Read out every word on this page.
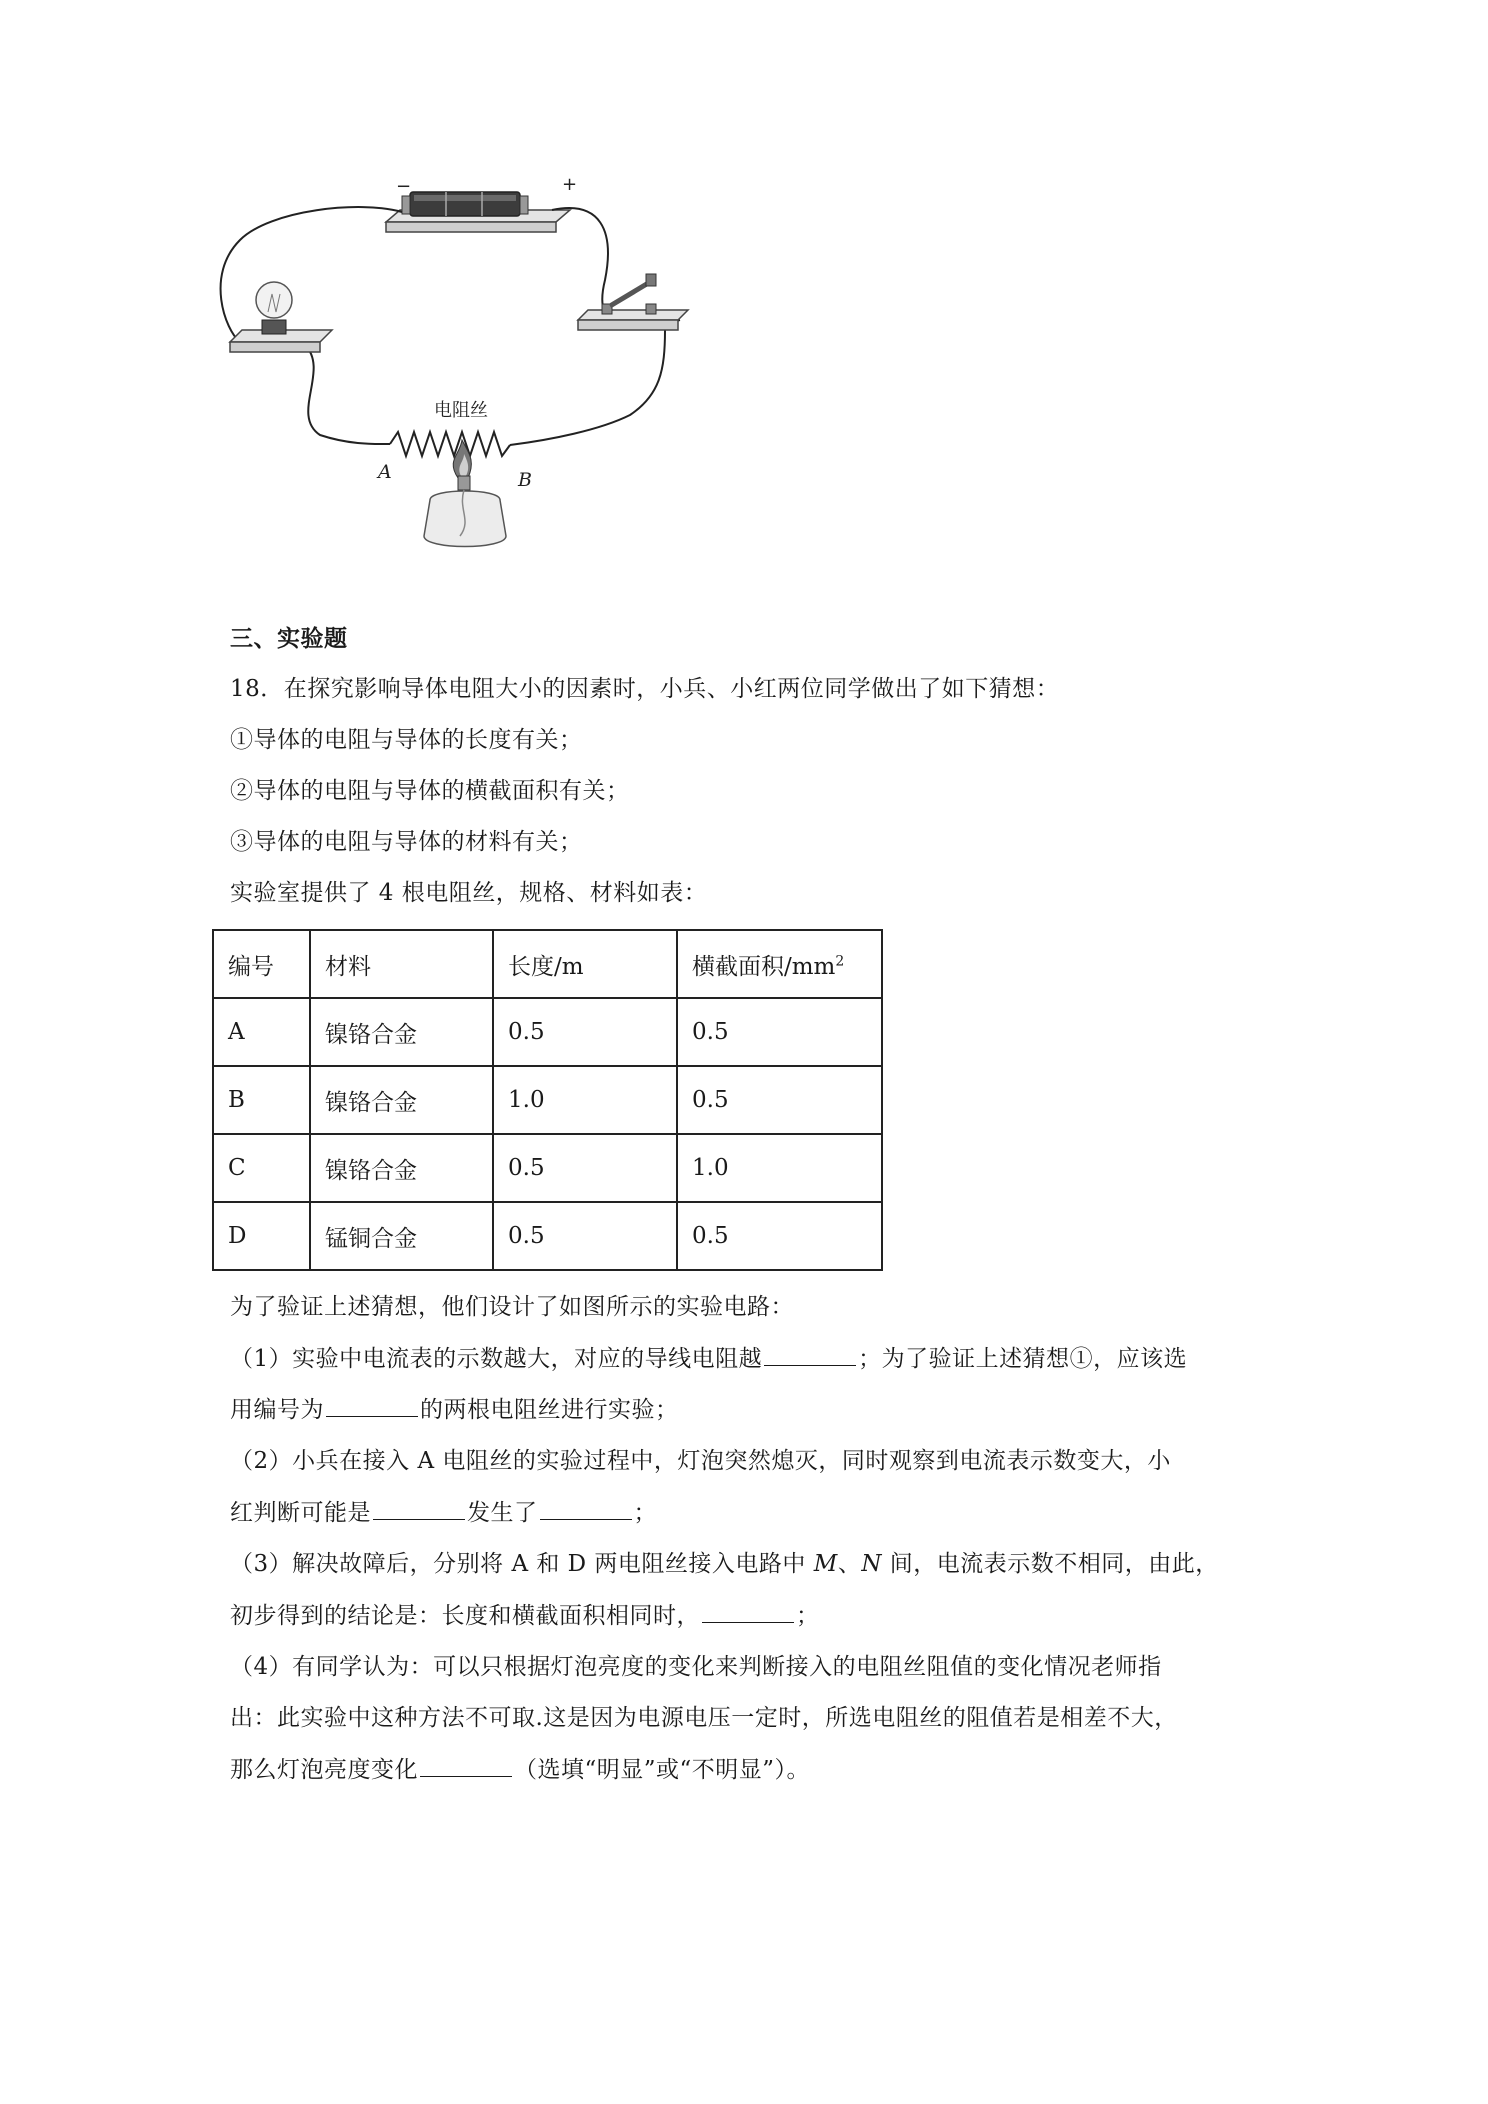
−	+
电阻丝
A	B
三、实验题
18．在探究影响导体电阻大小的因素时，小兵、小红两位同学做出了如下猜想：
①导体的电阻与导体的长度有关；
②导体的电阻与导体的横截面积有关；
③导体的电阻与导体的材料有关；
实验室提供了 4 根电阻丝，规格、材料如表：
编号	材料	长度/m	横截面积$/mm^2$
A	镍铬合金	0.5	0.5
B	镍铬合金	1.0	0.5
C	镍铬合金	0.5	1.0
D	锰铜合金	0.5	0.5
为了验证上述猜想，他们设计了如图所示的实验电路：
（1）实验中电流表的示数越大，对应的导线电阻越	；为了验证上述猜想①，应该选
用编号为	的两根电阻丝进行实验；
（2）小兵在接入 A 电阻丝的实验过程中，灯泡突然熄灭，同时观察到电流表示数变大，小
红判断可能是	发生了	；
（3）解决故障后，分别将 A 和 D 两电阻丝接入电路中 M、N 间，电流表示数不相同，由此，
初步得到的结论是：长度和横截面积相同时，	；
（4）有同学认为：可以只根据灯泡亮度的变化来判断接入的电阻丝阻值的变化情况老师指
出：此实验中这种方法不可取.这是因为电源电压一定时，所选电阻丝的阻值若是相差不大，
那么灯泡亮度变化	（选填“明显”或“不明显”）。
